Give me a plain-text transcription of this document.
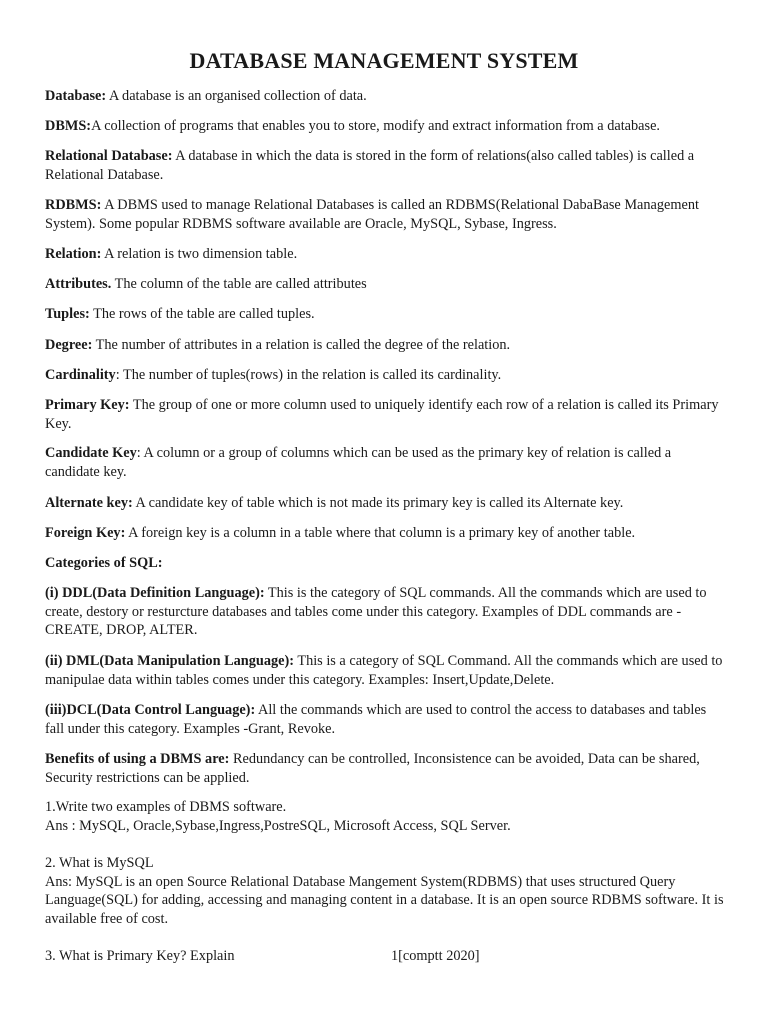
DATABASE MANAGEMENT SYSTEM
Database: A database is an organised collection of data.
DBMS:A collection of programs that enables you to store, modify and extract information from a database.
Relational Database: A database in which the data is stored in the form of relations(also called tables) is called a Relational Database.
RDBMS: A DBMS used to manage Relational Databases is called an RDBMS(Relational DabaBase Management System). Some popular RDBMS software available are Oracle, MySQL, Sybase, Ingress.
Relation: A relation is two dimension table.
Attributes. The column of the table are called attributes
Tuples: The rows of the table are called tuples.
Degree: The number of attributes in a relation is called the degree of the relation.
Cardinality: The number of tuples(rows) in the relation is called its cardinality.
Primary Key: The group of one or more column used to uniquely identify each row of a relation is called its Primary Key.
Candidate Key: A column or a group of columns which can be used as the primary key of relation is called a candidate key.
Alternate key: A candidate key of table which is not made its primary key is called its Alternate key.
Foreign Key: A foreign key is a column in a table where that column is a primary key of another table.
Categories of SQL:
(i) DDL(Data Definition Language): This is the category of SQL commands. All the commands which are used to create, destory or resturcture databases and tables come under this category. Examples of DDL commands are -CREATE, DROP, ALTER.
(ii) DML(Data Manipulation Language): This is a category of SQL Command. All the commands which are used to manipulae data within tables comes under this category. Examples: Insert,Update,Delete.
(iii)DCL(Data Control Language): All the commands which are used to control the access to databases and tables fall under this category. Examples -Grant, Revoke.
Benefits of using a DBMS are: Redundancy can be controlled, Inconsistence can be avoided, Data can be shared, Security restrictions can be applied.
1.Write two examples of DBMS software.
Ans : MySQL, Oracle,Sybase,Ingress,PostreSQL, Microsoft Access, SQL Server.
2. What is MySQL
Ans: MySQL is an open Source Relational Database Mangement System(RDBMS) that uses structured Query Language(SQL) for adding, accessing and managing content in a database. It is an open source RDBMS software. It is available free of cost.
3. What is Primary Key? Explain	1[comptt 2020]
